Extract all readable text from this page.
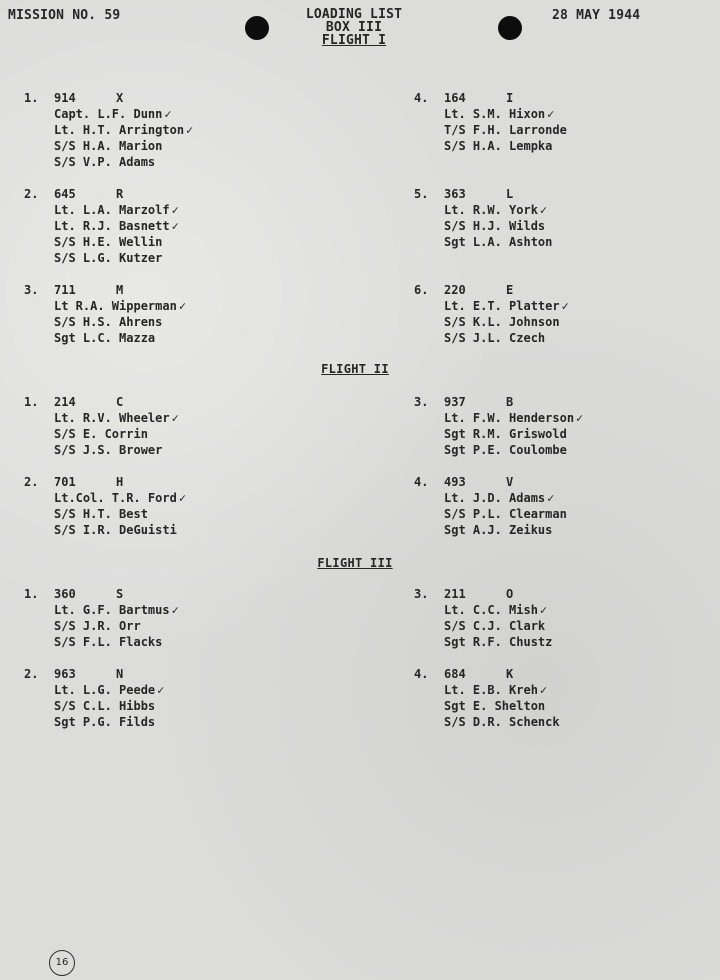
MISSION NO. 59	LOADING LIST
BOX III
FLIGHT I
28 MAY 1944
1. 914	X
Capt. L.F. Dunn ✓
Lt. H.T. Arrington ✓
S/S H.A. Marion
S/S V.P. Adams
2. 645	R
Lt. L.A. Marzolf ✓
Lt. R.J. Basnett ✓
S/S H.E. Wellin
S/S L.G. Kutzer
3. 711	M
Lt R.A. Wipperman ✓
S/S H.S. Ahrens
Sgt L.C. Mazza
4. 164	I
Lt. S.M. Hixon ✓
T/S F.H. Larronde
S/S H.A. Lempka
5. 363	L
Lt. R.W. York ✓
S/S H.J. Wilds
Sgt L.A. Ashton
6. 220	E
Lt. E.T. Platter ✓
S/S K.L. Johnson
S/S J.L. Czech
FLIGHT II
1. 214	C
Lt. R.V. Wheeler ✓
S/S E. Corrin
S/S J.S. Brower
2. 701	H
Lt.Col. T.R. Ford ✓
S/S H.T. Best
S/S I.R. DeGuisti
3. 937	B
Lt. F.W. Henderson ✓
Sgt R.M. Griswold
Sgt P.E. Coulombe
4. 493	V
Lt. J.D. Adams ✓
S/S P.L. Clearman
Sgt A.J. Zeikus
FLIGHT III
1. 360	S
Lt. G.F. Bartmus ✓
S/S J.R. Orr
S/S F.L. Flacks
2. 963	N
Lt. L.G. Peede ✓
S/S C.L. Hibbs
Sgt P.G. Filds
3. 211	O
Lt. C.C. Mish ✓
S/S C.J. Clark
Sgt R.F. Chustz
4. 684	K
Lt. E.B. Kreh ✓
Sgt E. Shelton
S/S D.R. Schenck
16
